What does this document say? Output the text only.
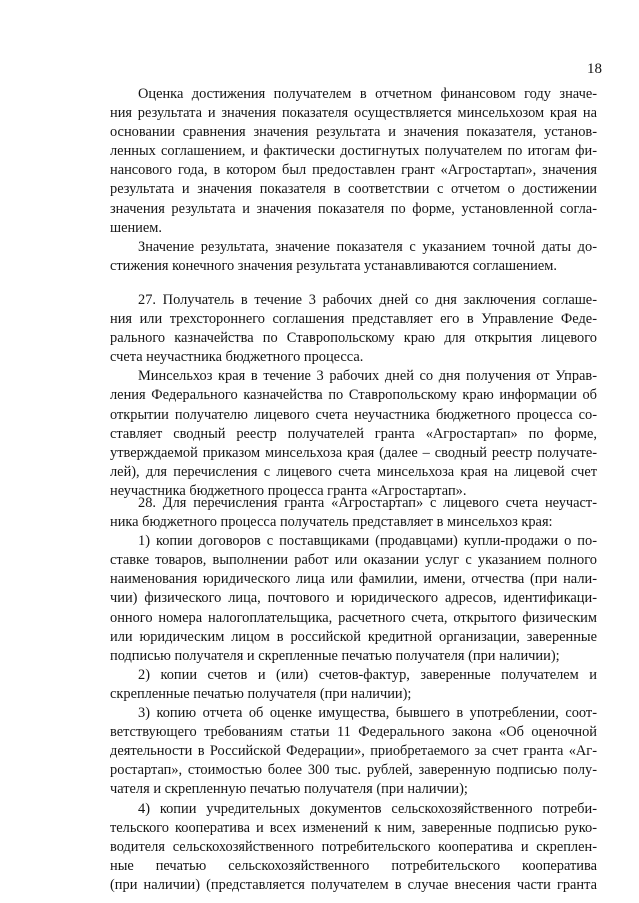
18
Оценка достижения получателем в отчетном финансовом году значе-
ния результата и значения показателя осуществляется минсельхозом края на
основании сравнения значения результата и значения показателя, установ-
ленных соглашением, и фактически достигнутых получателем по итогам фи-
нансового года, в котором был предоставлен грант «Агростартап», значения
результата и значения показателя в соответствии с отчетом о достижении
значения результата и значения показателя по форме, установленной согла-
шением.
Значение результата, значение показателя с указанием точной даты до-
стижения конечного значения результата устанавливаются соглашением.
27. Получатель в течение 3 рабочих дней со дня заключения соглаше-
ния или трехстороннего соглашения представляет его в Управление Феде-
рального казначейства по Ставропольскому краю для открытия лицевого
счета неучастника бюджетного процесса.
Минсельхоз края в течение 3 рабочих дней со дня получения от Управ-
ления Федерального казначейства по Ставропольскому краю информации об
открытии получателю лицевого счета неучастника бюджетного процесса со-
ставляет сводный реестр получателей гранта «Агростартап» по форме,
утверждаемой приказом минсельхоза края (далее – сводный реестр получате-
лей), для перечисления с лицевого счета минсельхоза края на лицевой счет
неучастника бюджетного процесса гранта «Агростартап».
28. Для перечисления гранта «Агростартап» с лицевого счета неучаст-
ника бюджетного процесса получатель представляет в минсельхоз края:
1) копии договоров с поставщиками (продавцами) купли-продажи о по-
ставке товаров, выполнении работ или оказании услуг с указанием полного
наименования юридического лица или фамилии, имени, отчества (при нали-
чии) физического лица, почтового и юридического адресов, идентификаци-
онного номера налогоплательщика, расчетного счета, открытого физическим
или юридическим лицом в российской кредитной организации, заверенные
подписью получателя и скрепленные печатью получателя (при наличии);
2) копии счетов и (или) счетов-фактур, заверенные получателем и
скрепленные печатью получателя (при наличии);
3) копию отчета об оценке имущества, бывшего в употреблении, соот-
ветствующего требованиям статьи 11 Федерального закона «Об оценочной
деятельности в Российской Федерации», приобретаемого за счет гранта «Аг-
ростартап», стоимостью более 300 тыс. рублей, заверенную подписью полу-
чателя и скрепленную печатью получателя (при наличии);
4) копии учредительных документов сельскохозяйственного потреби-
тельского кооператива и всех изменений к ним, заверенные подписью руко-
водителя сельскохозяйственного потребительского кооператива и скреплен-
ные печатью сельскохозяйственного потребительского кооператива
(при наличии) (представляется получателем в случае внесения части гранта
